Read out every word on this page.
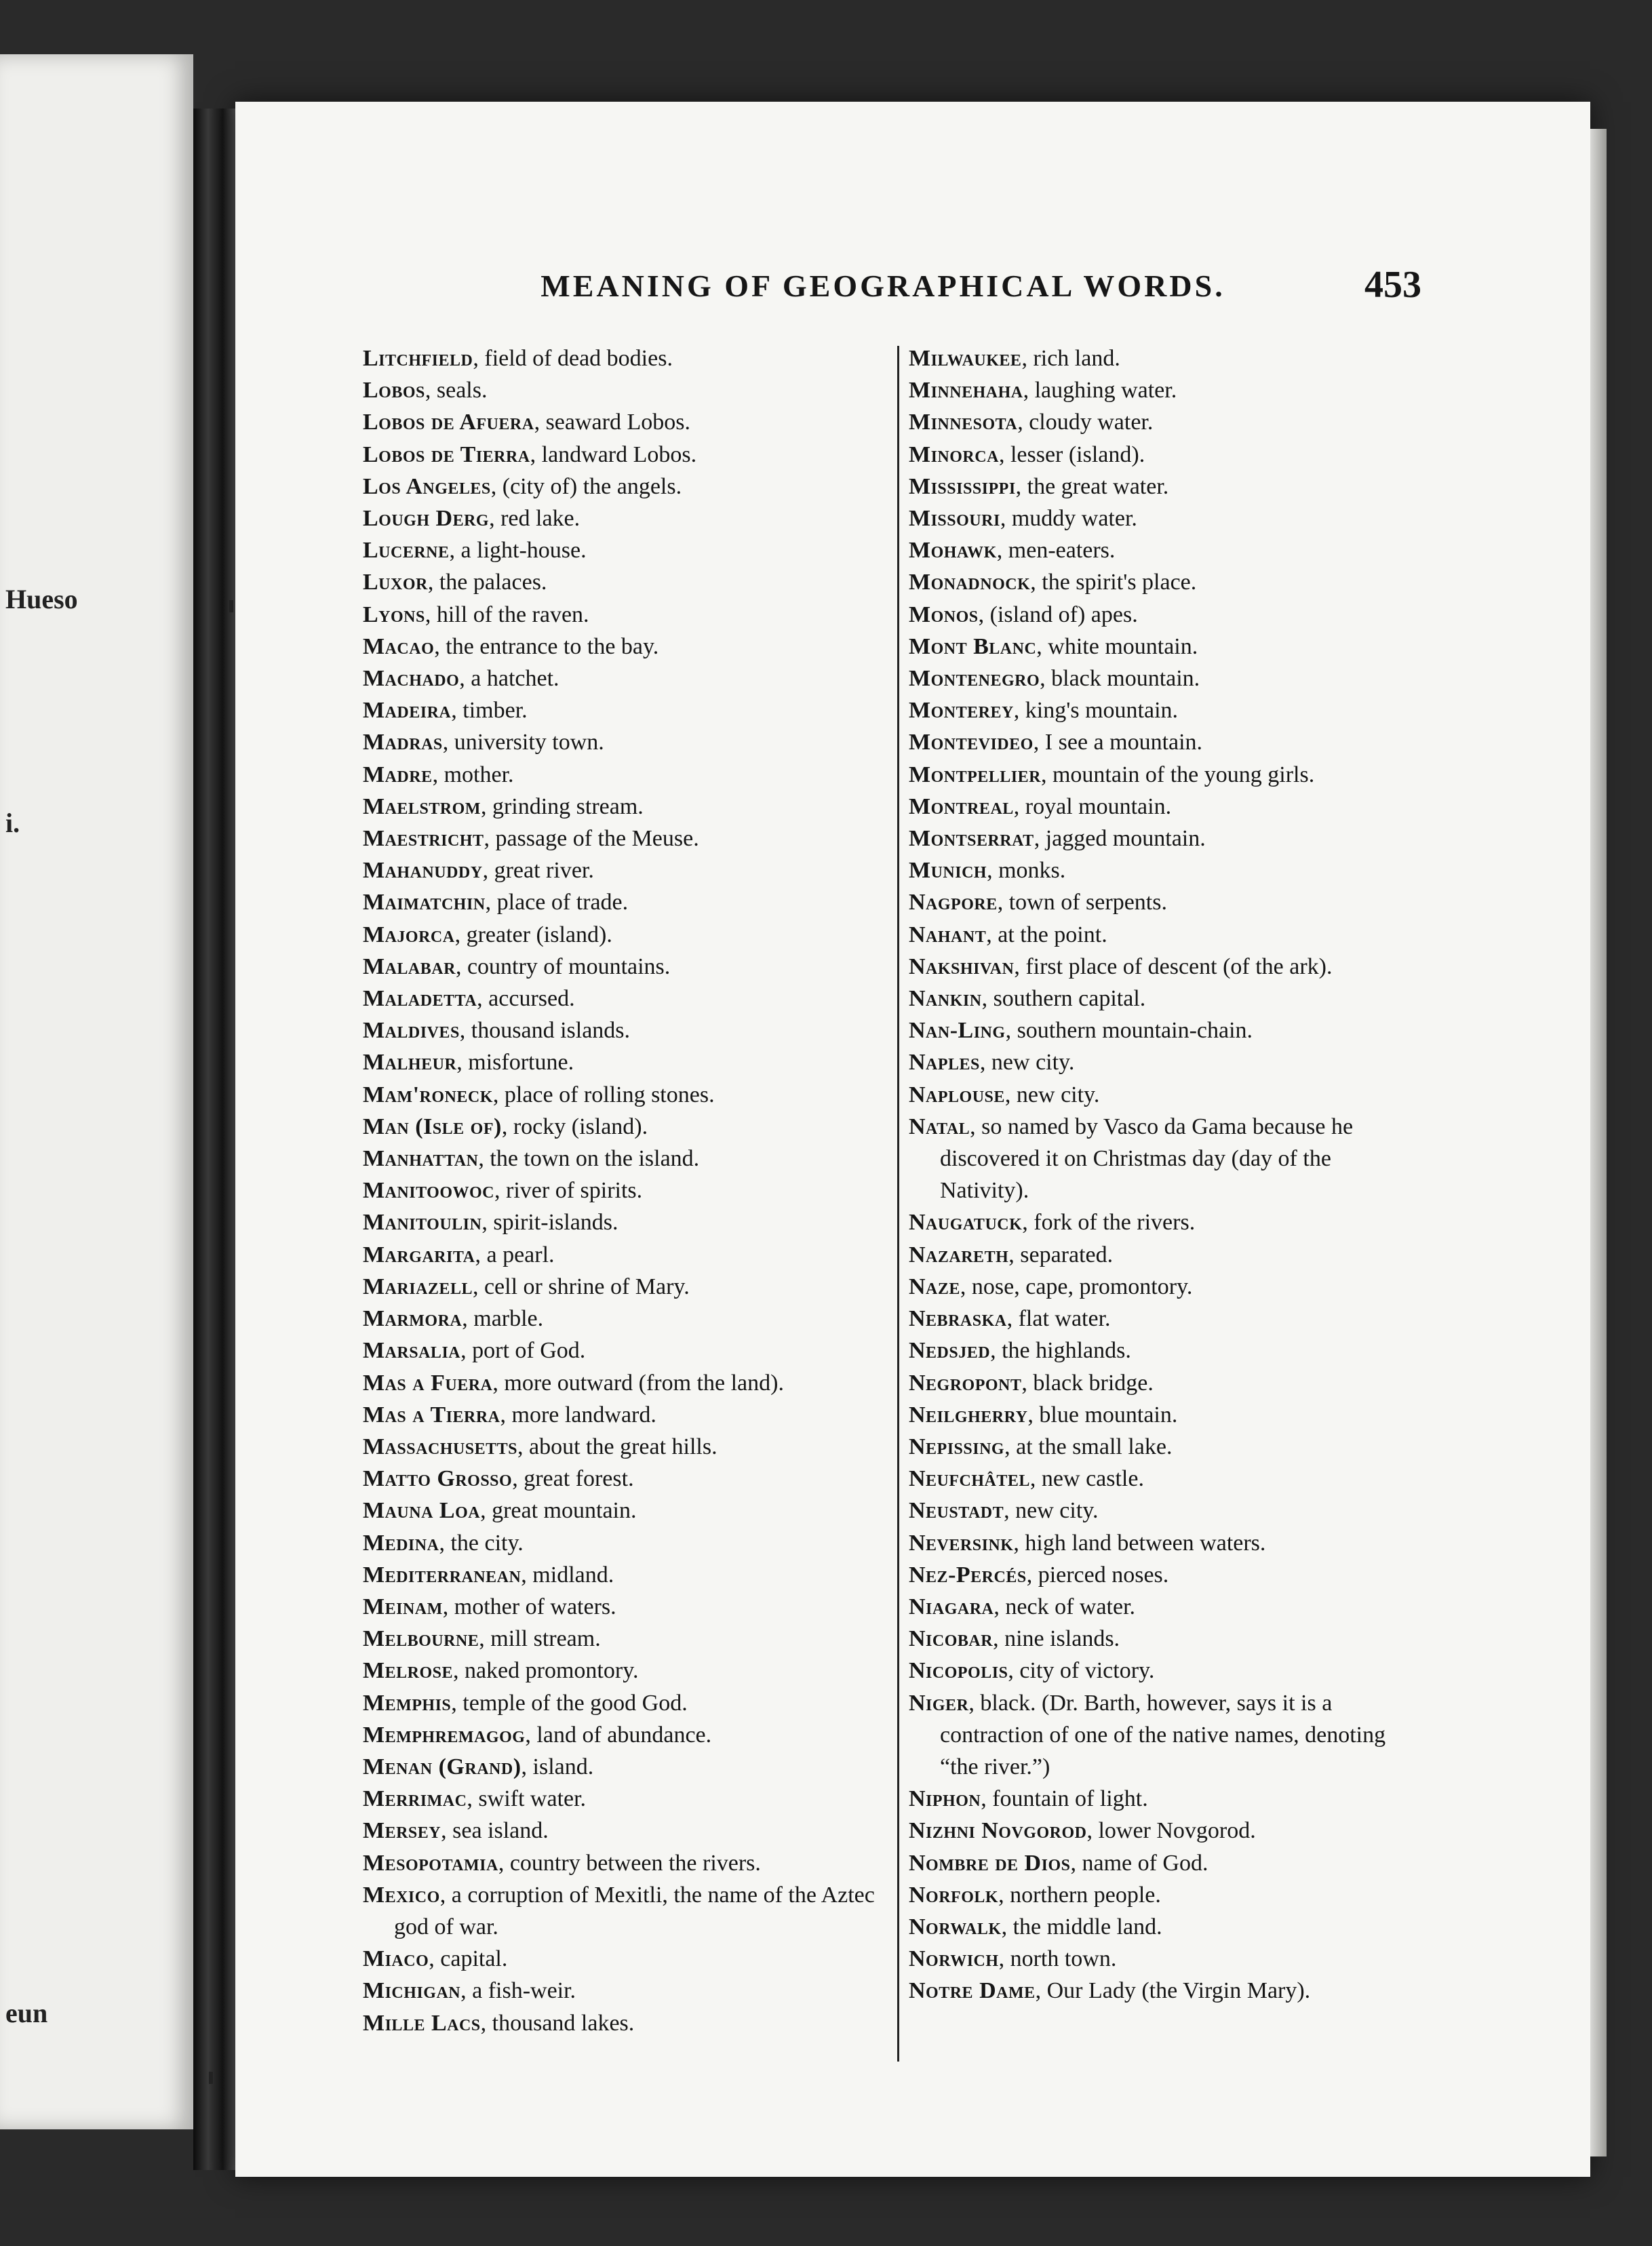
Hueso
i.
eun
MEANING OF GEOGRAPHICAL WORDS.	453

Litchfield, field of dead bodies.

Lobos, seals.

Lobos de Afuera, seaward Lobos.

Lobos de Tierra, landward Lobos.

Los Angeles, (city of) the angels.

Lough Derg, red lake.

Lucerne, a light-house.

Luxor, the palaces.

Lyons, hill of the raven.

Macao, the entrance to the bay.

Machado, a hatchet.

Madeira, timber.

Madras, university town.

Madre, mother.

Maelstrom, grinding stream.

Maestricht, passage of the Meuse.

Mahanuddy, great river.

Maimatchin, place of trade.

Majorca, greater (island).

Malabar, country of mountains.

Maladetta, accursed.

Maldives, thousand islands.

Malheur, misfortune.

Mam'roneck, place of rolling stones.

Man (Isle of), rocky (island).

Manhattan, the town on the island.

Manitoowoc, river of spirits.

Manitoulin, spirit-islands.

Margarita, a pearl.

Mariazell, cell or shrine of Mary.

Marmora, marble.

Marsalia, port of God.

Mas a Fuera, more outward (from the land).

Mas a Tierra, more landward.

Massachusetts, about the great hills.

Matto Grosso, great forest.

Mauna Loa, great mountain.

Medina, the city.

Mediterranean, midland.

Meinam, mother of waters.

Melbourne, mill stream.

Melrose, naked promontory.

Memphis, temple of the good God.

Memphremagog, land of abundance.

Menan (Grand), island.

Merrimac, swift water.

Mersey, sea island.

Mesopotamia, country between the rivers.

Mexico, a corruption of Mexitli, the name of the Aztec god of war.

Miaco, capital.

Michigan, a fish-weir.

Mille Lacs, thousand lakes.

Milwaukee, rich land.

Minnehaha, laughing water.

Minnesota, cloudy water.

Minorca, lesser (island).

Mississippi, the great water.

Missouri, muddy water.

Mohawk, men-eaters.

Monadnock, the spirit's place.

Monos, (island of) apes.

Mont Blanc, white mountain.

Montenegro, black mountain.

Monterey, king's mountain.

Montevideo, I see a mountain.

Montpellier, mountain of the young girls.

Montreal, royal mountain.

Montserrat, jagged mountain.

Munich, monks.

Nagpore, town of serpents.

Nahant, at the point.

Nakshivan, first place of descent (of the ark).

Nankin, southern capital.

Nan-Ling, southern mountain-chain.

Naples, new city.

Naplouse, new city.

Natal, so named by Vasco da Gama because he discovered it on Christmas day (day of the Nativity).

Naugatuck, fork of the rivers.

Nazareth, separated.

Naze, nose, cape, promontory.

Nebraska, flat water.

Nedsjed, the highlands.

Negropont, black bridge.

Neilgherry, blue mountain.

Nepissing, at the small lake.

Neufchâtel, new castle.

Neustadt, new city.

Neversink, high land between waters.

Nez-Percés, pierced noses.

Niagara, neck of water.

Nicobar, nine islands.

Nicopolis, city of victory.

Niger, black. (Dr. Barth, however, says it is a contraction of one of the native names, denoting “the river.”)

Niphon, fountain of light.

Nizhni Novgorod, lower Novgorod.

Nombre de Dios, name of God.

Norfolk, northern people.

Norwalk, the middle land.

Norwich, north town.

Notre Dame, Our Lady (the Virgin Mary).
